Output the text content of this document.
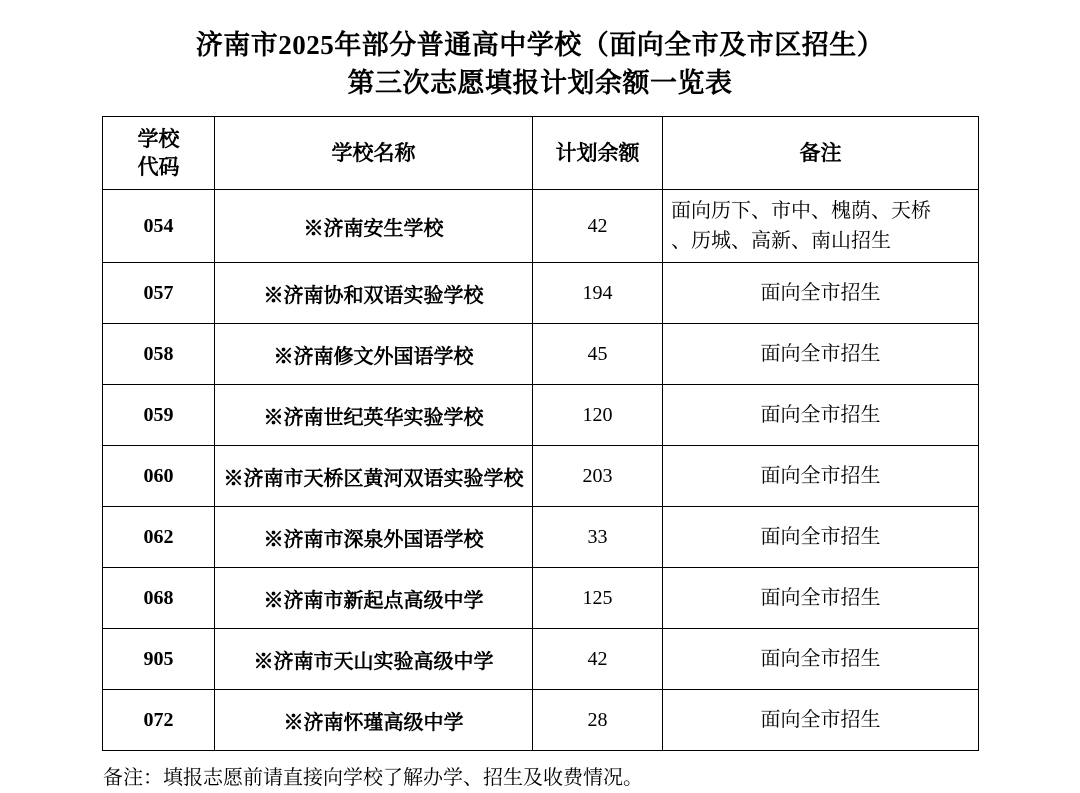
济南市2025年部分普通高中学校（面向全市及市区招生）
第三次志愿填报计划余额一览表
学校
代码	学校名称	计划余额	备注
054	※济南安生学校	42	面向历下、市中、槐荫、天桥
、历城、高新、南山招生

057	※济南协和双语实验学校	194	面向全市招生
058	※济南修文外国语学校	45	面向全市招生
059	※济南世纪英华实验学校	120	面向全市招生
060	※济南市天桥区黄河双语实验学校	203	面向全市招生
062	※济南市深泉外国语学校	33	面向全市招生
068	※济南市新起点高级中学	125	面向全市招生
905	※济南市天山实验高级中学	42	面向全市招生
072	※济南怀瑾高级中学	28	面向全市招生
备注：填报志愿前请直接向学校了解办学、招生及收费情况。
